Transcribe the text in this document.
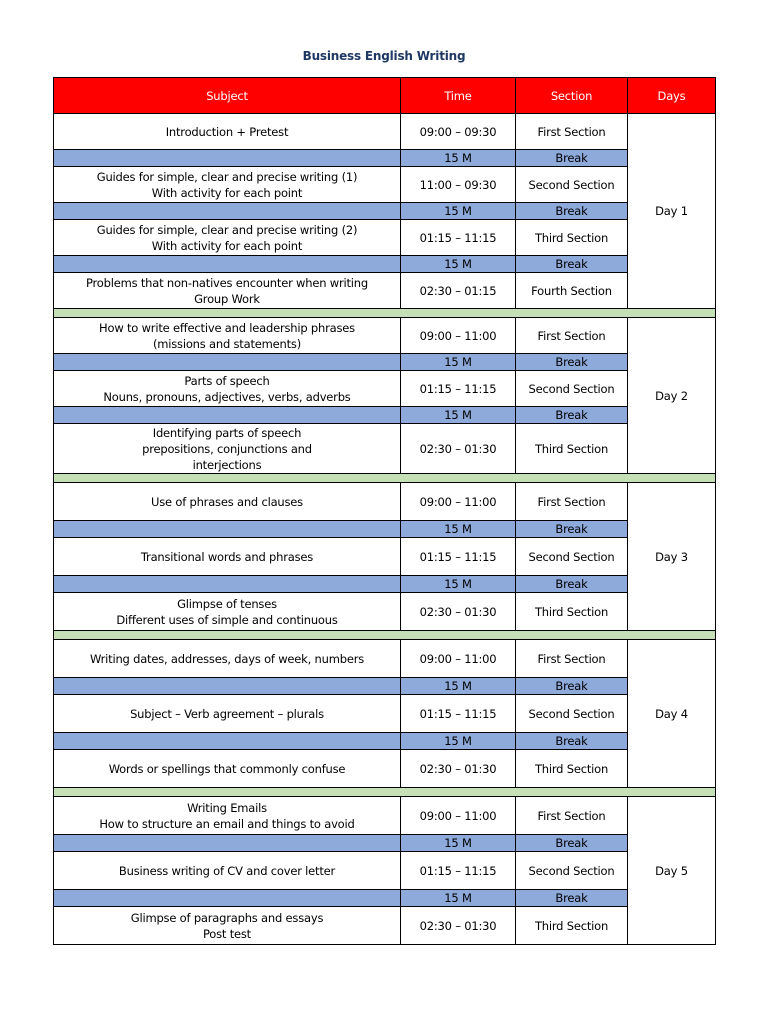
Business English Writing
Subject	Time	Section	Days

Introduction + Pretest	09:00 – 09:30	First Section	Day 1
	15 M	Break	

Guides for simple, clear and precise writing (1)
With activity for each point	11:00 – 09:30	Second Section	
	15 M	Break	

Guides for simple, clear and precise writing (2)
With activity for each point	01:15 – 11:15	Third Section	
	15 M	Break	

Problems that non-natives encounter when writing
Group Work	02:30 – 01:15	Fourth Section	

How to write effective and leadership phrases
(missions and statements)	09:00 – 11:00	First Section	Day 2
	15 M	Break	

Parts of speech
Nouns, pronouns, adjectives, verbs, adverbs	01:15 – 11:15	Second Section	
	15 M	Break	

Identifying parts of speech
prepositions, conjunctions and
interjections	02:30 – 01:30	Third Section	

Use of phrases and clauses	09:00 – 11:00	First Section	Day 3
	15 M	Break	

Transitional words and phrases	01:15 – 11:15	Second Section	
	15 M	Break	

Glimpse of tenses
Different uses of simple and continuous	02:30 – 01:30	Third Section	

Writing dates, addresses, days of week, numbers	09:00 – 11:00	First Section	Day 4
	15 M	Break	

Subject – Verb agreement – plurals	01:15 – 11:15	Second Section	
	15 M	Break	

Words or spellings that commonly confuse	02:30 – 01:30	Third Section	

Writing Emails
How to structure an email and things to avoid	09:00 – 11:00	First Section	Day 5
	15 M	Break	

Business writing of CV and cover letter	01:15 – 11:15	Second Section	
	15 M	Break	

Glimpse of paragraphs and essays
Post test	02:30 – 01:30	Third Section	
